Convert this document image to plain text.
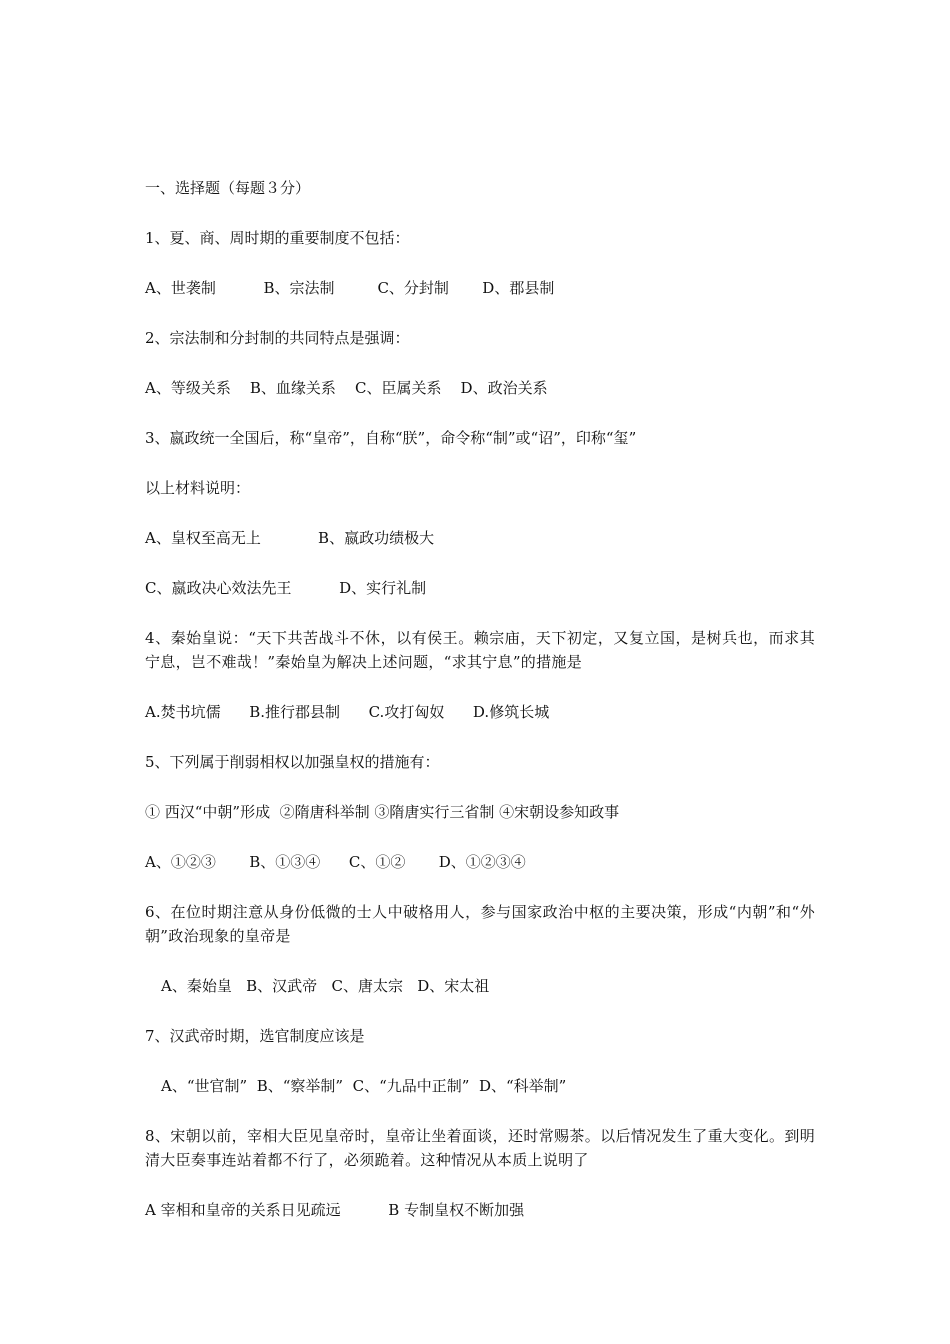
一、选择题（每题３分）

1、夏、商、周时期的重要制度不包括：

A、世袭制          B、宗法制         C、分封制       D、郡县制

2、宗法制和分封制的共同特点是强调：

A、等级关系    B、血缘关系    C、臣属关系    D、政治关系

3、嬴政统一全国后，称“皇帝”，自称“朕”，命令称“制”或“诏”，印称“玺”

以上材料说明：

A、皇权至高无上            B、嬴政功绩极大

C、嬴政决心效法先王          D、实行礼制

4、秦始皇说：“天下共苦战斗不休，以有侯王。赖宗庙，天下初定，又复立国，是树兵也，而求其宁息，岂不难哉！”秦始皇为解决上述问题，“求其宁息”的措施是

A.焚书坑儒      B.推行郡县制      C.攻打匈奴      D.修筑长城

5、下列属于削弱相权以加强皇权的措施有：

① 西汉“中朝”形成  ②隋唐科举制 ③隋唐实行三省制 ④宋朝设参知政事

A、①②③       B、①③④      C、①②       D、①②③④

6、在位时期注意从身份低微的士人中破格用人，参与国家政治中枢的主要决策，形成“内朝”和“外朝”政治现象的皇帝是

A、秦始皇   B、汉武帝   C、唐太宗   D、宋太祖

7、汉武帝时期，选官制度应该是

A、“世官制”  B、“察举制”  C、“九品中正制”  D、“科举制”

8、宋朝以前，宰相大臣见皇帝时，皇帝让坐着面谈，还时常赐茶。以后情况发生了重大变化。到明清大臣奏事连站着都不行了，必须跪着。这种情况从本质上说明了

A 宰相和皇帝的关系日见疏远          B 专制皇权不断加强
